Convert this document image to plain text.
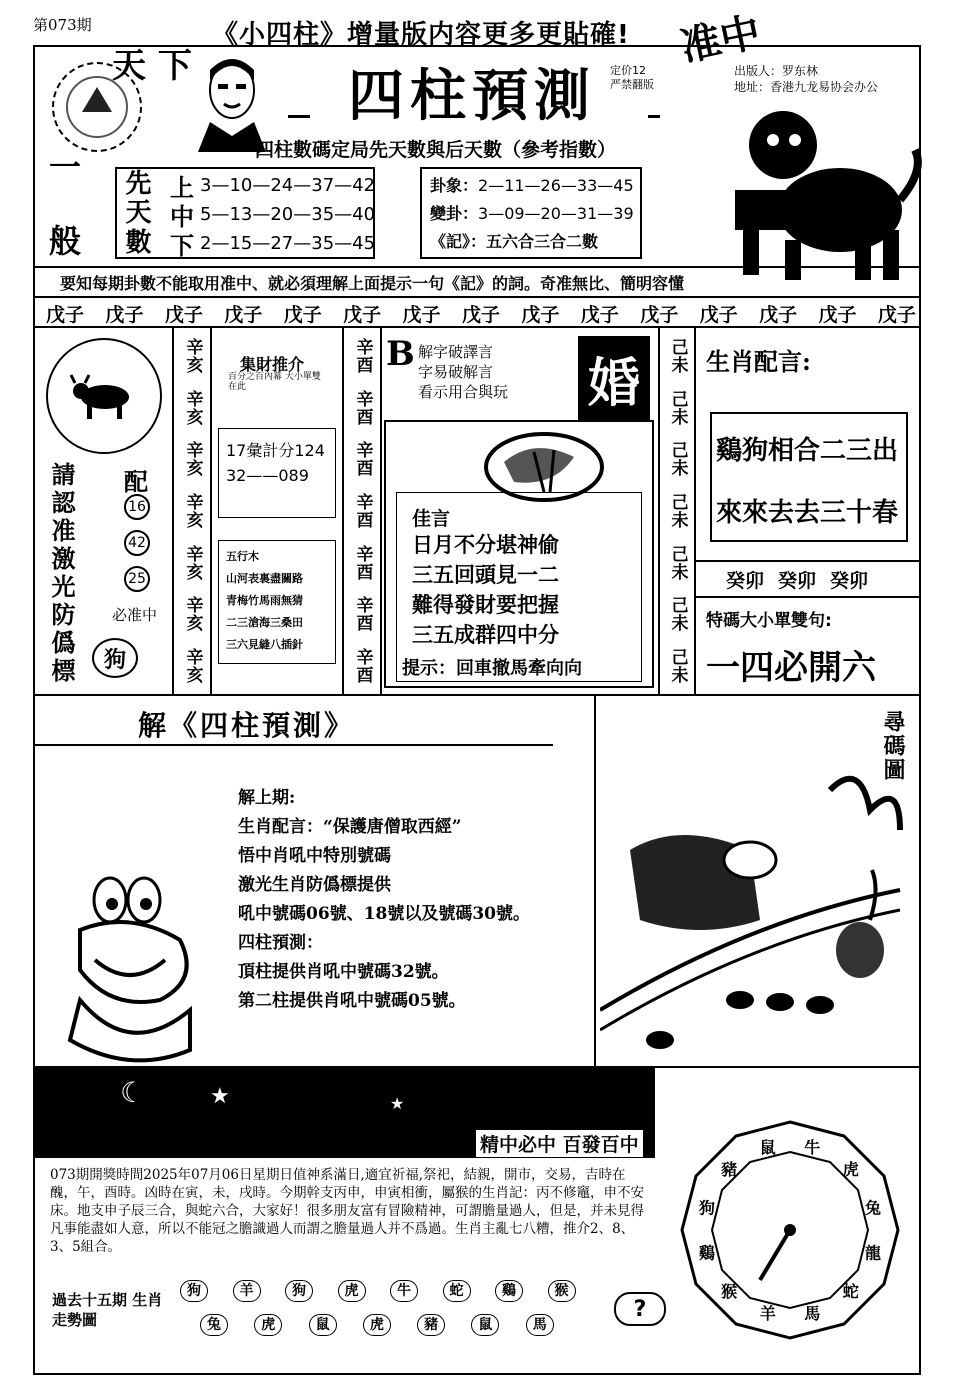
第073期	《小四柱》增量版内容更多更貼確! 准中
天 下
一 般
四柱預測 定价12
严禁翻版
出版人：罗东林
地址：香港九龙易协会办公
四柱數碼定局先天數與后天數（參考指數）
先
天
數
上 3—10—24—37—42
中 5—13—20—35—40
下 2—15—27—35—45
卦象：2—11—26—33—45
變卦：3—09—20—31—39
《記》：五六合三合二數
要知每期卦數不能取用准中、就必須理解上面提示一句《記》的詞。奇准無比、簡明容懂
戊子 戊子 戊子 戊子 戊子 戊子 戊子 戊子 戊子 戊子 戊子 戊子 戊子 戊子 戊子
請認准激光防僞標 配
16
42
25
必准中
狗
辛亥
辛亥
辛亥
辛亥
辛亥
辛亥
辛亥
集財推介
百分之百內幕 大小單雙在此
17彙計分124
32——089
五行木
山河表裏盡關路
青梅竹馬雨無猜
二三滄海三桑田
三六見縫八插針
辛酉
辛酉
辛酉
辛酉
辛酉
辛酉
辛酉
B 解字破譯言
字易破解言
看示用合與玩 婚
佳言
日月不分堪神偷
三五回頭見一二
難得發財要把握
三五成群四中分
提示：回車撤馬牽向向
己未
己未
己未
己未
己未
己未
己未
生肖配言:
鷄狗相合二三出
來來去去三十春
癸卯 癸卯 癸卯
特碼大小單雙句:
一四必開六
解《四柱預測》
解上期:
生肖配言：“保護唐僧取西經”
悟中肖吼中特別號碼
激光生肖防僞標提供
吼中號碼06號、18號以及號碼30號。
四柱預測：
頂柱提供肖吼中號碼32號。
第二柱提供肖吼中號碼05號。
尋碼圖
★	★
☾
精中必中 百發百中
073期開獎時間2025年07月06日星期日值神系滿日,適宜祈福,祭祀，結親，開市，交易，吉時在醜，午，酉時。凶時在寅，未，戌時。今期幹支丙申，申寅相衝，屬猴的生肖記：丙不修竈，申不安床。地支申子辰三合，與蛇六合，大家好！很多朋友富有冒險精神，可謂膽量過人，但是，并未見得凡事能盡如人意，所以不能冠之膽識過人而謂之膽量過人并不爲過。生肖主亂七八糟，推介2、8、3、5組合。
過去十五期 生肖走勢圖
狗	羊	狗	虎	牛	蛇	鷄	猴
兔	虎	鼠	虎	豬	鼠	馬
?
牛
虎
兔
龍
蛇
馬
羊
猴
鷄
狗
豬
鼠
